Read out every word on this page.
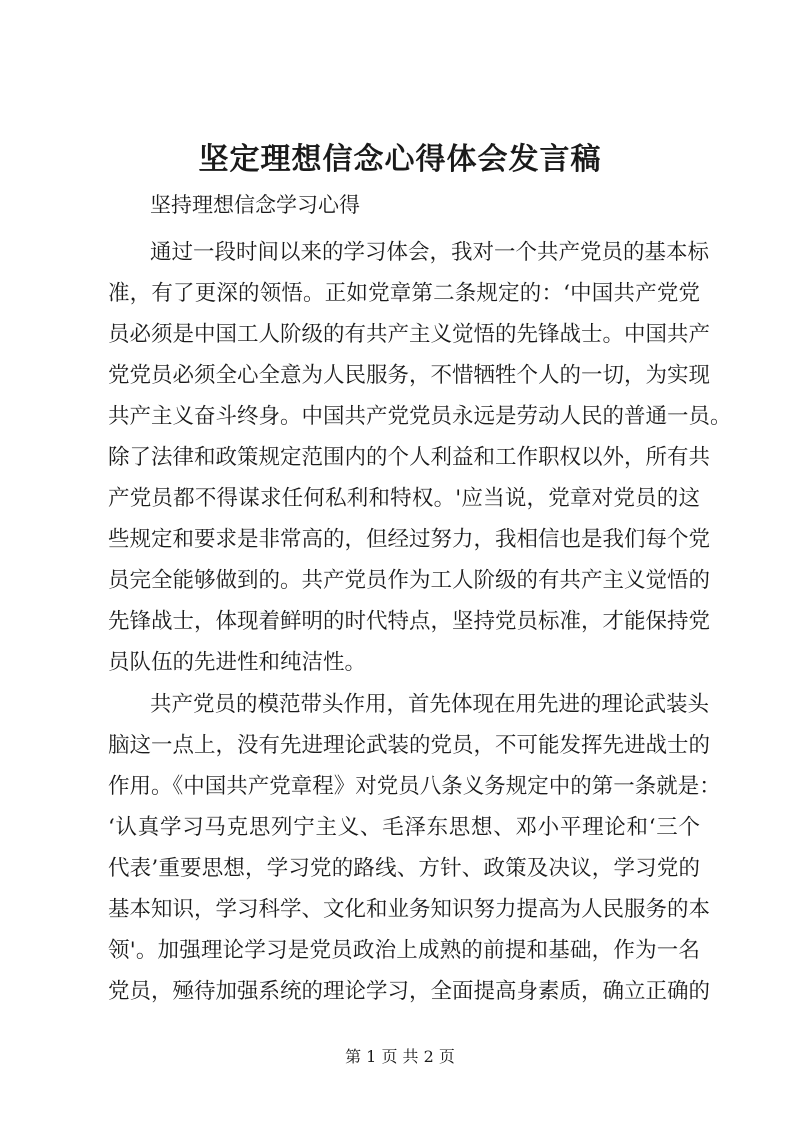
坚定理想信念心得体会发言稿

坚持理想信念学习心得

通过一段时间以来的学习体会，我对一个共产党员的基本标

准，有了更深的领悟。正如党章第二条规定的：‘中国共产党党

员必须是中国工人阶级的有共产主义觉悟的先锋战士。中国共产

党党员必须全心全意为人民服务，不惜牺牲个人的一切，为实现

共产主义奋斗终身。中国共产党党员永远是劳动人民的普通一员。

除了法律和政策规定范围内的个人利益和工作职权以外，所有共

产党员都不得谋求任何私利和特权。'应当说，党章对党员的这

些规定和要求是非常高的，但经过努力，我相信也是我们每个党

员完全能够做到的。共产党员作为工人阶级的有共产主义觉悟的

先锋战士，体现着鲜明的时代特点，坚持党员标准，才能保持党

员队伍的先进性和纯洁性。

共产党员的模范带头作用，首先体现在用先进的理论武装头

脑这一点上，没有先进理论武装的党员，不可能发挥先进战士的

作用。《中国共产党章程》对党员八条义务规定中的第一条就是：

‘认真学习马克思列宁主义、毛泽东思想、邓小平理论和‘三个

代表’重要思想，学习党的路线、方针、政策及决议，学习党的

基本知识，学习科学、文化和业务知识努力提高为人民服务的本

领'。加强理论学习是党员政治上成熟的前提和基础，作为一名

党员，殛待加强系统的理论学习，全面提高身素质，确立正确的

第 1 页 共 2 页
